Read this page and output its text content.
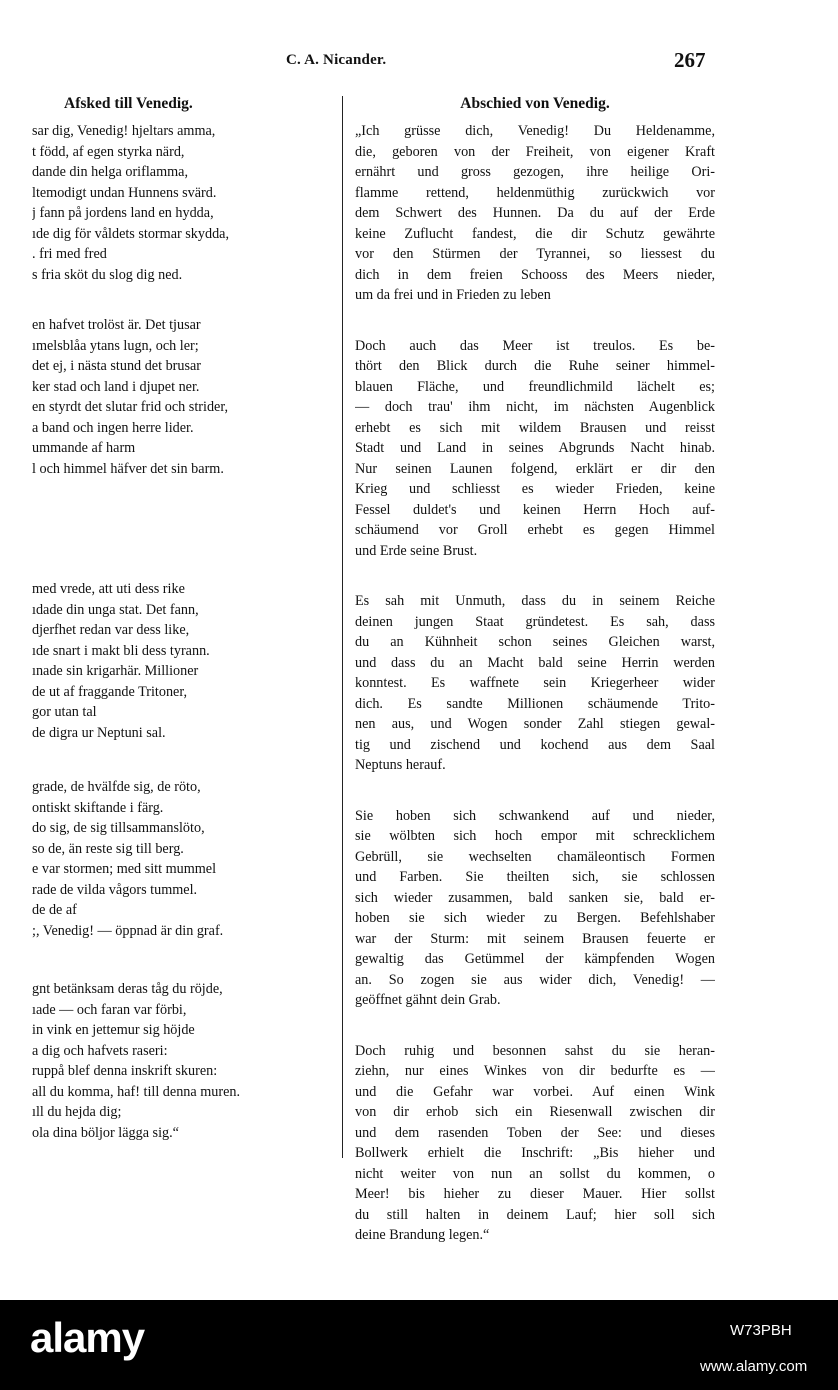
C. A. Nicander.	267
Afsked till Venedig.
sar dig, Venedig! hjeltars amma,
t född, af egen styrka närd,
dande din helga oriflamma,
ltemodigt undan Hunnens svärd.
j fann på jordens land en hydda,
ıde dig för våldets stormar skydda,
. fri med fred
s fria sköt du slog dig ned.
en hafvet trolöst är. Det tjusar
ımelsblåa ytans lugn, och ler;
det ej, i nästa stund det brusar
ker stad och land i djupet ner.
en styrdt det slutar frid och strider,
a band och ingen herre lider.
ummande af harm
l och himmel häfver det sin barm.
med vrede, att uti dess rike
ıdade din unga stat. Det fann,
djerfhet redan var dess like,
ıde snart i makt bli dess tyrann.
ınade sin krigarhär. Millioner
de ut af fraggande Tritoner,
gor utan tal
de digra ur Neptuni sal.
grade, de hvälfde sig, de röto,
ontiskt skiftande i färg.
do sig, de sig tillsammanslöto,
so de, än reste sig till berg.
e var stormen; med sitt mummel
rade de vilda vågors tummel.
de de af
;, Venedig! — öppnad är din graf.
gnt betänksam deras tåg du röjde,
ıade — och faran var förbi,
in vink en jettemur sig höjde
a dig och hafvets raseri:
ruppå blef denna inskrift skuren:
all du komma, haf! till denna muren.
ıll du hejda dig;
ola dina böljor lägga sig.“
Abschied von Venedig.
„Ich grüsse dich, Venedig! Du Heldenamme,
die, geboren von der Freiheit, von eigener Kraft
ernährt und gross gezogen, ihre heilige Ori-
flamme rettend, heldenmüthig zurückwich vor
dem Schwert des Hunnen. Da du auf der Erde
keine Zuflucht fandest, die dir Schutz gewährte
vor den Stürmen der Tyrannei, so liessest du
dich in dem freien Schooss des Meers nieder,
um da frei und in Frieden zu leben
Doch auch das Meer ist treulos. Es be-
thört den Blick durch die Ruhe seiner himmel-
blauen Fläche, und freundlichmild lächelt es;
— doch trau' ihm nicht, im nächsten Augenblick
erhebt es sich mit wildem Brausen und reisst
Stadt und Land in seines Abgrunds Nacht hinab.
Nur seinen Launen folgend, erklärt er dir den
Krieg und schliesst es wieder Frieden, keine
Fessel duldet's und keinen Herrn Hoch auf-
schäumend vor Groll erhebt es gegen Himmel
und Erde seine Brust.
Es sah mit Unmuth, dass du in seinem Reiche
deinen jungen Staat gründetest. Es sah, dass
du an Kühnheit schon seines Gleichen warst,
und dass du an Macht bald seine Herrin werden
konntest. Es waffnete sein Kriegerheer wider
dich. Es sandte Millionen schäumende Trito-
nen aus, und Wogen sonder Zahl stiegen gewal-
tig und zischend und kochend aus dem Saal
Neptuns herauf.
Sie hoben sich schwankend auf und nieder,
sie wölbten sich hoch empor mit schrecklichem
Gebrüll, sie wechselten chamäleontisch Formen
und Farben. Sie theilten sich, sie schlossen
sich wieder zusammen, bald sanken sie, bald er-
hoben sie sich wieder zu Bergen. Befehlshaber
war der Sturm: mit seinem Brausen feuerte er
gewaltig das Getümmel der kämpfenden Wogen
an. So zogen sie aus wider dich, Venedig! —
geöffnet gähnt dein Grab.
Doch ruhig und besonnen sahst du sie heran-
ziehn, nur eines Winkes von dir bedurfte es —
und die Gefahr war vorbei. Auf einen Wink
von dir erhob sich ein Riesenwall zwischen dir
und dem rasenden Toben der See: und dieses
Bollwerk erhielt die Inschrift: „Bis hieher und
nicht weiter von nun an sollst du kommen, o
Meer! bis hieher zu dieser Mauer. Hier sollst
du still halten in deinem Lauf; hier soll sich
deine Brandung legen.“
alamy	W73PBH
www.alamy.com
